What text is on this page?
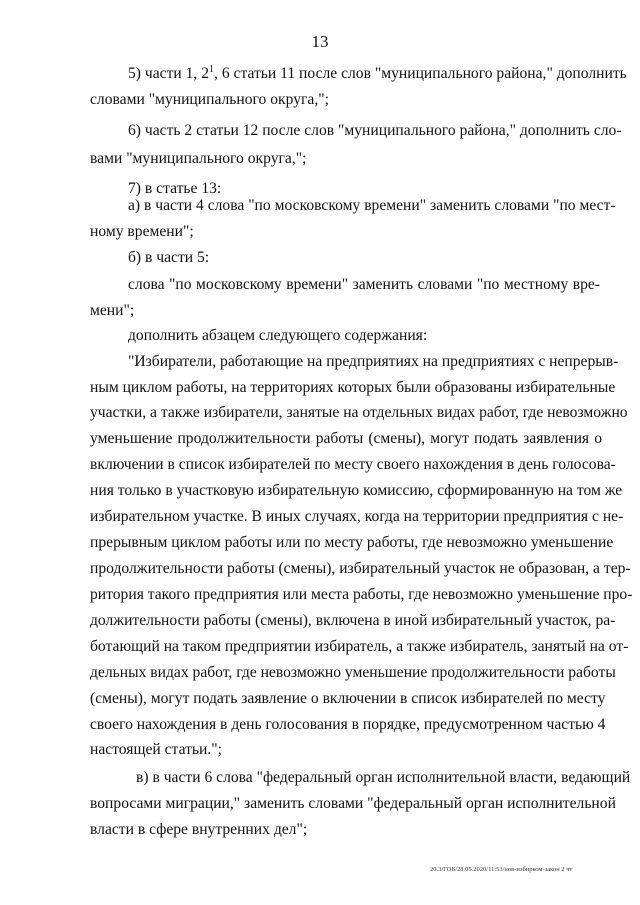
13
5) части 1, $2^1$, 6 статьи 11 после слов "муниципального района," дополнить
словами "муниципального округа,";
6) часть 2 статьи 12 после слов "муниципального района," дополнить сло-
вами "муниципального округа,";
7) в статье 13:
а) в части 4 слова "по московскому времени" заменить словами "по мест-
ному времени";
б) в части 5:
слова "по московскому времени" заменить словами "по местному вре-
мени";
дополнить абзацем следующего содержания:
"Избиратели, работающие на предприятиях на предприятиях с непрерыв-
ным циклом работы, на территориях которых были образованы избирательные
участки, а также избиратели, занятые на отдельных видах работ, где невозможно
уменьшение продолжительности работы (смены), могут подать заявления о
включении в список избирателей по месту своего нахождения в день голосова-
ния только в участковую избирательную комиссию, сформированную на том же
избирательном участке. В иных случаях, когда на территории предприятия с не-
прерывным циклом работы или по месту работы, где невозможно уменьшение
продолжительности работы (смены), избирательный участок не образован, а тер-
ритория такого предприятия или места работы, где невозможно уменьшение про-
должительности работы (смены), включена в иной избирательный участок, ра-
ботающий на таком предприятии избиратель, а также избиратель, занятый на от-
дельных видах работ, где невозможно уменьшение продолжительности работы
(смены), могут подать заявление о включении в список избирателей по месту
своего нахождения в день голосования в порядке, предусмотренном частью 4
настоящей статьи.";
в) в части 6 слова "федеральный орган исполнительной власти, ведающий
вопросами миграции," заменить словами "федеральный орган исполнительной
власти в сфере внутренних дел";
20.3/ГОБ/28.05.2020/11:53/нов-избирком-закон 2 чт
